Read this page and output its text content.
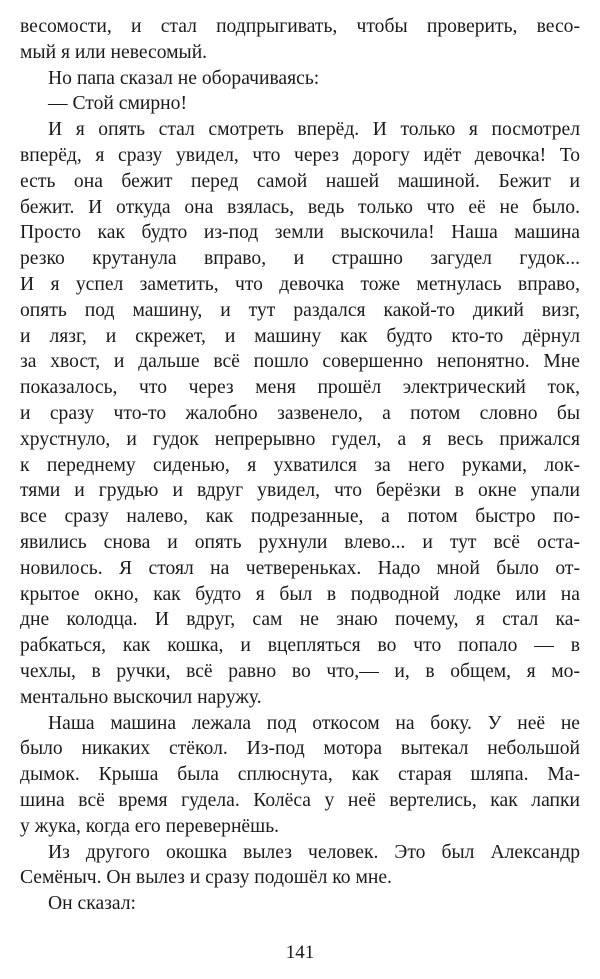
весомости, и стал подпрыгивать, чтобы проверить, весо-
мый я или невесомый.
Но папа сказал не оборачиваясь:
— Стой смирно!
И я опять стал смотреть вперёд. И только я посмотрел
вперёд, я сразу увидел, что через дорогу идёт девочка! То
есть она бежит перед самой нашей машиной. Бежит и
бежит. И откуда она взялась, ведь только что её не было.
Просто как будто из-под земли выскочила! Наша машина
резко крутанула вправо, и страшно загудел гудок...
И я успел заметить, что девочка тоже метнулась вправо,
опять под машину, и тут раздался какой-то дикий визг,
и лязг, и скрежет, и машину как будто кто-то дёрнул
за хвост, и дальше всё пошло совершенно непонятно. Мне
показалось, что через меня прошёл электрический ток,
и сразу что-то жалобно зазвенело, а потом словно бы
хрустнуло, и гудок непрерывно гудел, а я весь прижался
к переднему сиденью, я ухватился за него руками, лок-
тями и грудью и вдруг увидел, что берёзки в окне упали
все сразу налево, как подрезанные, а потом быстро по-
явились снова и опять рухнули влево... и тут всё оста-
новилось. Я стоял на четвереньках. Надо мной было от-
крытое окно, как будто я был в подводной лодке или на
дне колодца. И вдруг, сам не знаю почему, я стал ка-
рабкаться, как кошка, и вцепляться во что попало — в
чехлы, в ручки, всё равно во что,— и, в общем, я мо-
ментально выскочил наружу.
Наша машина лежала под откосом на боку. У неё не
было никаких стёкол. Из-под мотора вытекал небольшой
дымок. Крыша была сплюснута, как старая шляпа. Ма-
шина всё время гудела. Колёса у неё вертелись, как лапки
у жука, когда его перевернёшь.
Из другого окошка вылез человек. Это был Александр
Семёныч. Он вылез и сразу подошёл ко мне.
Он сказал:
141
